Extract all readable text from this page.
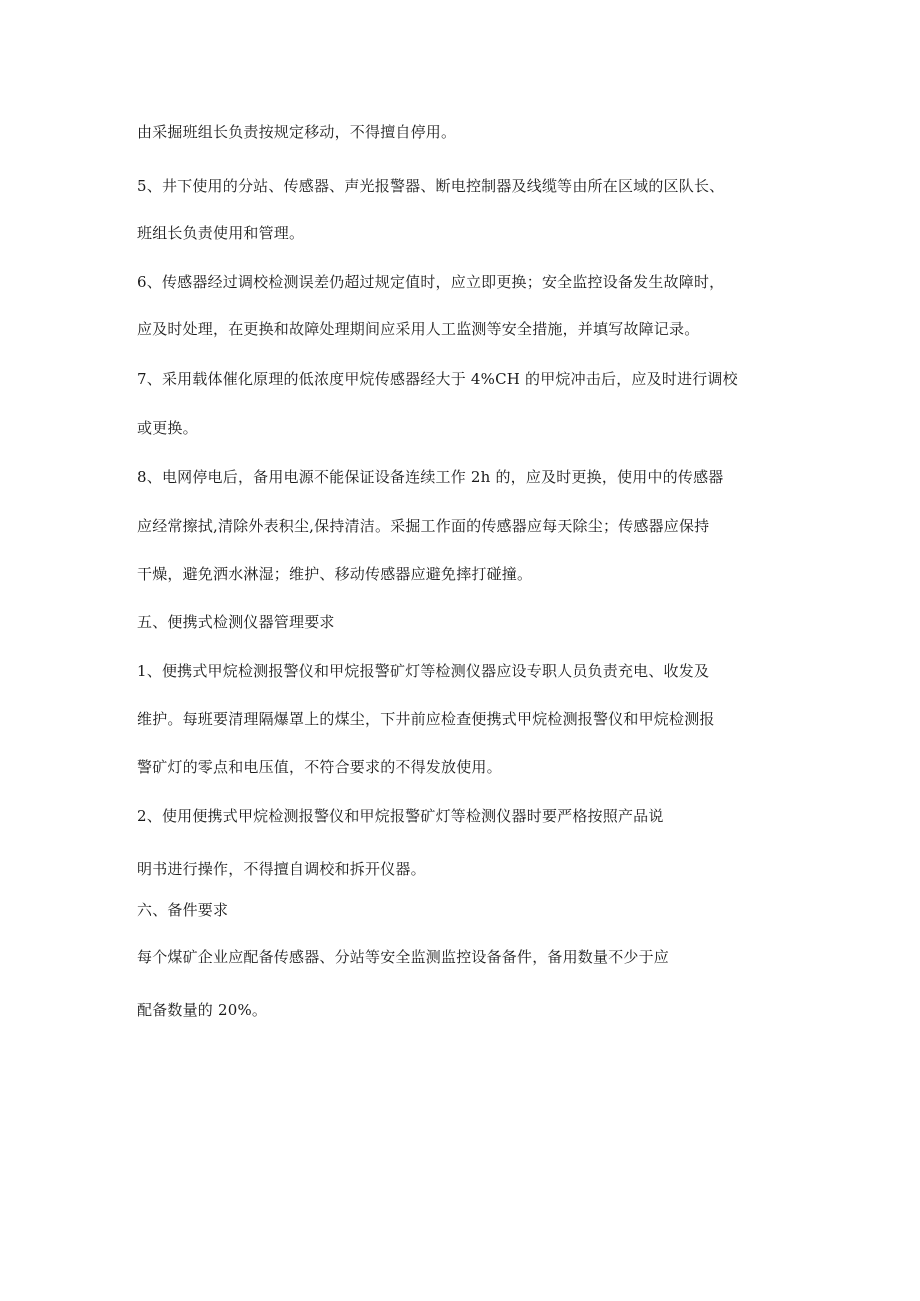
由采掘班组长负责按规定移动，不得擅自停用。
5、井下使用的分站、传感器、声光报警器、断电控制器及线缆等由所在区域的区队长、
班组长负责使用和管理。
6、传感器经过调校检测误差仍超过规定值时，应立即更换；安全监控设备发生故障时，
应及时处理，在更换和故障处理期间应采用人工监测等安全措施，并填写故障记录。
7、采用载体催化原理的低浓度甲烷传感器经大于 4%CH 的甲烷冲击后，应及时进行调校
或更换。
8、电网停电后，备用电源不能保证设备连续工作 2h 的，应及时更换，使用中的传感器
应经常擦拭,清除外表积尘,保持清洁。采掘工作面的传感器应每天除尘；传感器应保持
干燥，避免洒水淋湿；维护、移动传感器应避免摔打碰撞。
五、便携式检测仪器管理要求
1、便携式甲烷检测报警仪和甲烷报警矿灯等检测仪器应设专职人员负责充电、收发及
维护。每班要清理隔爆罩上的煤尘，下井前应检查便携式甲烷检测报警仪和甲烷检测报
警矿灯的零点和电压值，不符合要求的不得发放使用。
2、使用便携式甲烷检测报警仪和甲烷报警矿灯等检测仪器时要严格按照产品说
明书进行操作，不得擅自调校和拆开仪器。
六、备件要求
每个煤矿企业应配备传感器、分站等安全监测监控设备备件，备用数量不少于应
配备数量的 20%。
